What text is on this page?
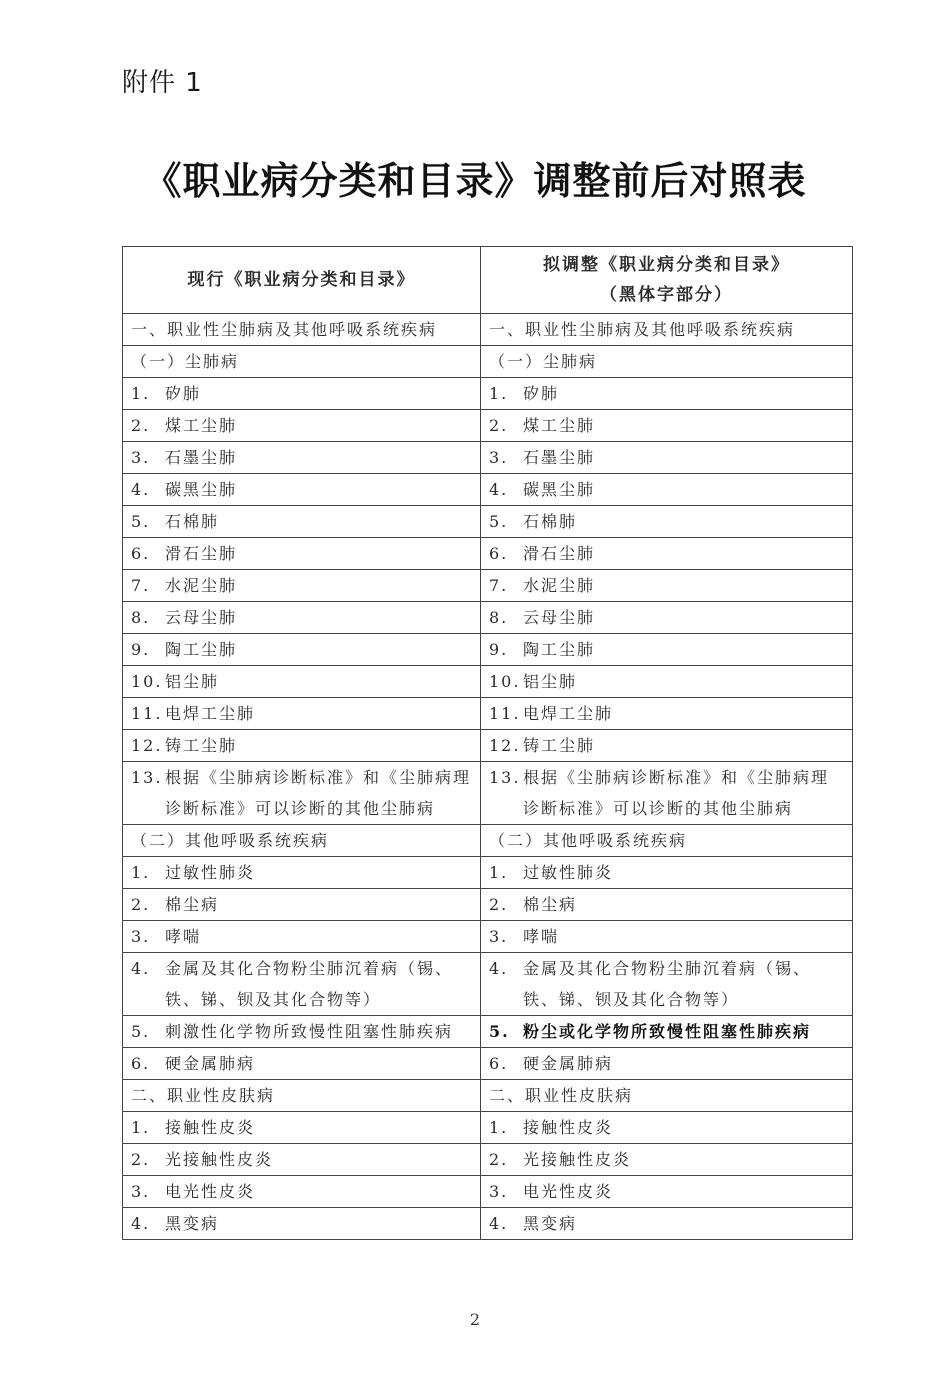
附件 1
《职业病分类和目录》调整前后对照表
现行《职业病分类和目录》	拟调整《职业病分类和目录》
（黑体字部分）

一、职业性尘肺病及其他呼吸系统疾病	一、职业性尘肺病及其他呼吸系统疾病
（一）尘肺病	（一）尘肺病

1. 矽肺	1. 矽肺

2. 煤工尘肺	2. 煤工尘肺

3. 石墨尘肺	3. 石墨尘肺

4. 碳黑尘肺	4. 碳黑尘肺

5. 石棉肺	5. 石棉肺

6. 滑石尘肺	6. 滑石尘肺

7. 水泥尘肺	7. 水泥尘肺

8. 云母尘肺	8. 云母尘肺

9. 陶工尘肺	9. 陶工尘肺

10. 铝尘肺	10. 铝尘肺

11. 电焊工尘肺	11. 电焊工尘肺

12. 铸工尘肺	12. 铸工尘肺

13. 根据《尘肺病诊断标准》和《尘肺病理诊断标准》可以诊断的其他尘肺病	13. 根据《尘肺病诊断标准》和《尘肺病理诊断标准》可以诊断的其他尘肺病

（二）其他呼吸系统疾病	（二）其他呼吸系统疾病

1. 过敏性肺炎	1. 过敏性肺炎

2. 棉尘病	2. 棉尘病

3. 哮喘	3. 哮喘

4. 金属及其化合物粉尘肺沉着病（锡、铁、锑、钡及其化合物等）	4. 金属及其化合物粉尘肺沉着病（锡、铁、锑、钡及其化合物等）

5. 刺激性化学物所致慢性阻塞性肺疾病	5. 粉尘或化学物所致慢性阻塞性肺疾病

6. 硬金属肺病	6. 硬金属肺病

二、职业性皮肤病	二、职业性皮肤病

1. 接触性皮炎	1. 接触性皮炎

2. 光接触性皮炎	2. 光接触性皮炎

3. 电光性皮炎	3. 电光性皮炎

4. 黑变病	4. 黑变病
2
